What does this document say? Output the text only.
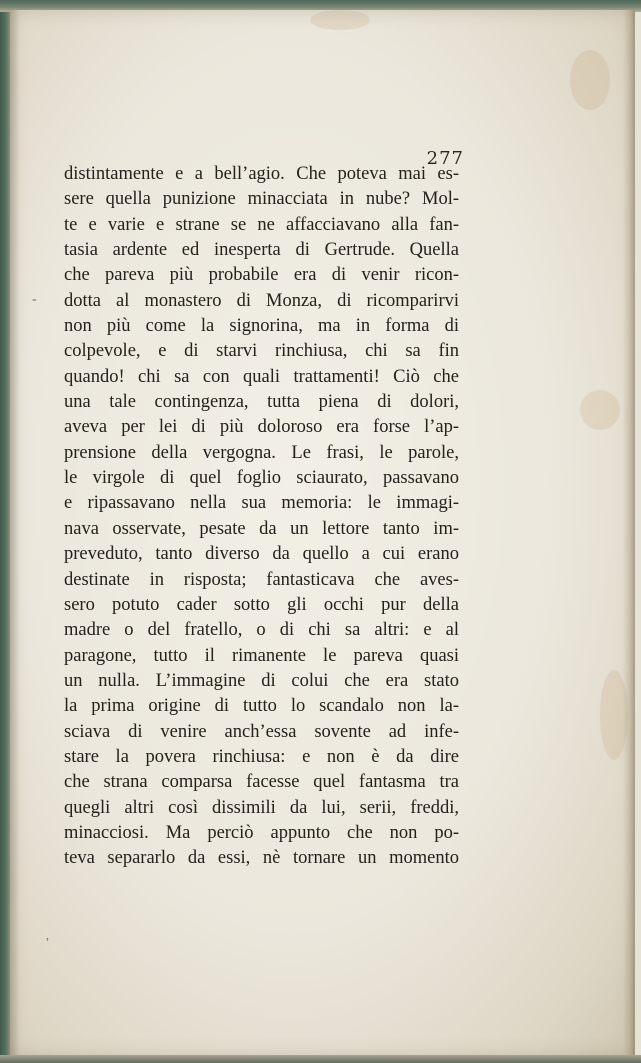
-
,
277
distintamente e a bell’agio. Che poteva mai es-
sere quella punizione minacciata in nube? Mol-
te e varie e strane se ne affacciavano alla fan-
tasia ardente ed inesperta di Gertrude. Quella
che pareva più probabile era di venir ricon-
dotta al monastero di Monza, di ricomparirvi
non più come la signorina, ma in forma di
colpevole, e di starvi rinchiusa, chi sa fin
quando! chi sa con quali trattamenti! Ciò che
una tale contingenza, tutta piena di dolori,
aveva per lei di più doloroso era forse l’ap-
prensione della vergogna. Le frasi, le parole,
le virgole di quel foglio sciaurato, passavano
e ripassavano nella sua memoria: le immagi-
nava osservate, pesate da un lettore tanto im-
preveduto, tanto diverso da quello a cui erano
destinate in risposta; fantasticava che aves-
sero potuto cader sotto gli occhi pur della
madre o del fratello, o di chi sa altri: e al
paragone, tutto il rimanente le pareva quasi
un nulla. L’immagine di colui che era stato
la prima origine di tutto lo scandalo non la-
sciava di venire anch’essa sovente ad infe-
stare la povera rinchiusa: e non è da dire
che strana comparsa facesse quel fantasma tra
quegli altri così dissimili da lui, serii, freddi,
minacciosi. Ma perciò appunto che non po-
teva separarlo da essi, nè tornare un momento
